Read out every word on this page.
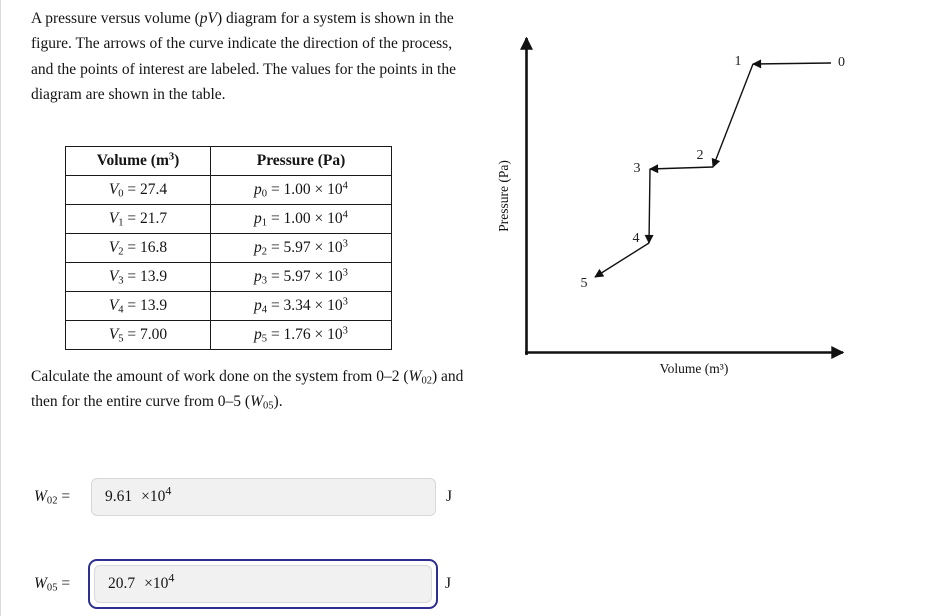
A pressure versus volume (pV) diagram for a system is shown in the figure. The arrows of the curve indicate the direction of the process, and the points of interest are labeled. The values for the points in the diagram are shown in the table.

Volume $(m^3)$	Pressure (Pa)
$V_0 = 27.4$	$p_0 = 1.00 \times 10^4$
$V_1 = 21.7$	$p_1 = 1.00 \times 10^4$
$V_2 = 16.8$	$p_2 = 5.97 \times 10^3$
$V_3 = 13.9$	$p_3 = 5.97 \times 10^3$
$V_4 = 13.9$	$p_4 = 3.34 \times 10^3$
$V_5 = 7.00$	$p_5 = 1.76 \times 10^3$

Calculate the amount of work done on the system from 0–2 $(W_{02})$ and then for the entire curve from 0–5 $(W_{05})$.

$W_{02}$ =	$9.61 \times 10^4$	J
$W_{05}$ =	$20.7 \times 10^4$	J
0
1
2
3
4
5
Volume (m³)
Pressure (Pa)
